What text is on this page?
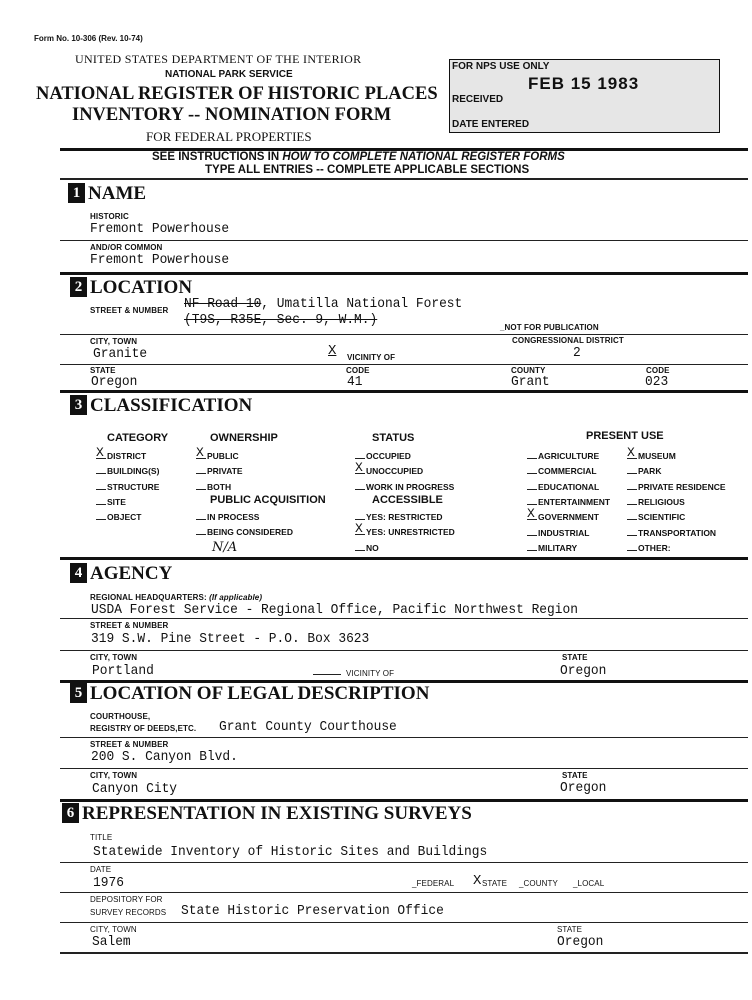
Form No. 10-306 (Rev. 10-74)
UNITED STATES DEPARTMENT OF THE INTERIOR
NATIONAL PARK SERVICE
NATIONAL REGISTER OF HISTORIC PLACES
INVENTORY -- NOMINATION FORM
FOR FEDERAL PROPERTIES
FOR NPS USE ONLY
FEB 15 1983
RECEIVED
DATE ENTERED
SEE INSTRUCTIONS IN HOW TO COMPLETE NATIONAL REGISTER FORMS
TYPE ALL ENTRIES -- COMPLETE APPLICABLE SECTIONS
1 NAME
HISTORIC
Fremont Powerhouse
AND/OR COMMON
Fremont Powerhouse
2 LOCATION
STREET & NUMBER NF Road 10, Umatilla National Forest
(T9S, R35E, Sec. 9, W.M.)	_NOT FOR PUBLICATION
CITY, TOWN
Granite	X VICINITY OF
CONGRESSIONAL DISTRICT
2
STATE
Oregon
CODE
41
COUNTY
Grant
CODE
023
3 CLASSIFICATION
CATEGORY
X DISTRICT
BUILDING(S)
STRUCTURE
SITE
OBJECT
OWNERSHIP
X PUBLIC
PRIVATE
BOTH
PUBLIC ACQUISITION
IN PROCESS
BEING CONSIDERED
STATUS
OCCUPIED
X UNOCCUPIED
WORK IN PROGRESS
ACCESSIBLE
YES: RESTRICTED
X YES: UNRESTRICTED
NO
PRESENT USE
AGRICULTURE
COMMERCIAL
EDUCATIONAL
ENTERTAINMENT
X GOVERNMENT
INDUSTRIAL
MILITARY
X MUSEUM
PARK
PRIVATE RESIDENCE
RELIGIOUS
SCIENTIFIC
TRANSPORTATION
OTHER:
N/A
4 AGENCY
REGIONAL HEADQUARTERS: (If applicable)
USDA Forest Service - Regional Office, Pacific Northwest Region
STREET & NUMBER
319 S.W. Pine Street - P.O. Box 3623
CITY, TOWN
Portland	VICINITY OF
STATE
Oregon
5 LOCATION OF LEGAL DESCRIPTION
COURTHOUSE,
REGISTRY OF DEEDS,ETC. Grant County Courthouse
STREET & NUMBER
200 S. Canyon Blvd.
CITY, TOWN
Canyon City
STATE
Oregon
6 REPRESENTATION IN EXISTING SURVEYS
TITLE
Statewide Inventory of Historic Sites and Buildings
DATE
1976	_FEDERAL X STATE _COUNTY _LOCAL
DEPOSITORY FOR
SURVEY RECORDS State Historic Preservation Office
CITY, TOWN
Salem
STATE
Oregon
